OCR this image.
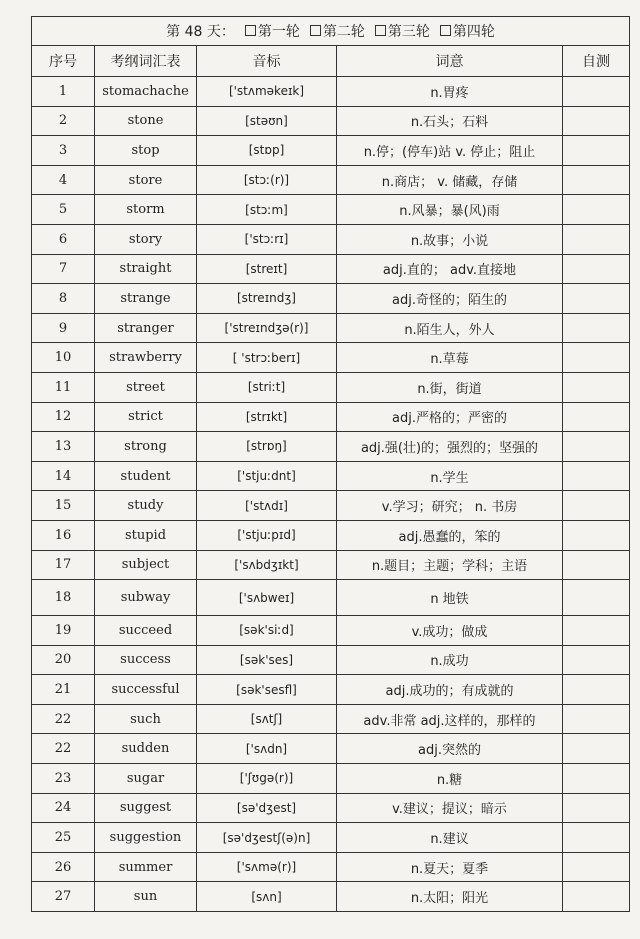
第 48 天： 第一轮 第二轮 第三轮 第四轮				
序号	考纲词汇表	音标	词意	自测
1	stomachache	['stʌməkeɪk]	n.胃疼	
2	stone	[stəʊn]	n.石头；石料	
3	stop	[stɒp]	n.停；(停车)站 v. 停止；阻止	
4	store	[stɔː(r)]	n.商店； v. 储藏，存储	
5	storm	[stɔːm]	n.风暴；暴(风)雨	
6	story	['stɔːrɪ]	n.故事；小说	
7	straight	[streɪt]	adj.直的； adv.直接地	
8	strange	[streɪndʒ]	adj.奇怪的；陌生的	
9	stranger	['streɪndʒə(r)]	n.陌生人，外人	
10	strawberry	[ 'strɔːberɪ]	n.草莓	
11	street	[striːt]	n.街，街道	
12	strict	[strɪkt]	adj.严格的；严密的	
13	strong	[strɒŋ]	adj.强(壮)的；强烈的；坚强的	
14	student	['stjuːdnt]	n.学生	
15	study	['stʌdɪ]	v.学习；研究； n. 书房	
16	stupid	['stjuːpɪd]	adj.愚蠢的，笨的	
17	subject	['sʌbdʒɪkt]	n.题目；主题；学科；主语	
18	subway	['sʌbweɪ]	n 地铁	
19	succeed	[sək'siːd]	v.成功；做成	
20	success	[sək'ses]	n.成功	
21	successful	[sək'sesfl]	adj.成功的；有成就的	
22	such	[sʌtʃ]	adv.非常 adj.这样的，那样的	
22	sudden	['sʌdn]	adj.突然的	
23	sugar	['ʃʊgə(r)]	n.糖	
24	suggest	[sə'dʒest]	v.建议；提议；暗示	
25	suggestion	[sə'dʒestʃ(ə)n]	n.建议	
26	summer	['sʌmə(r)]	n.夏天；夏季	
27	sun	[sʌn]	n.太阳；阳光	
